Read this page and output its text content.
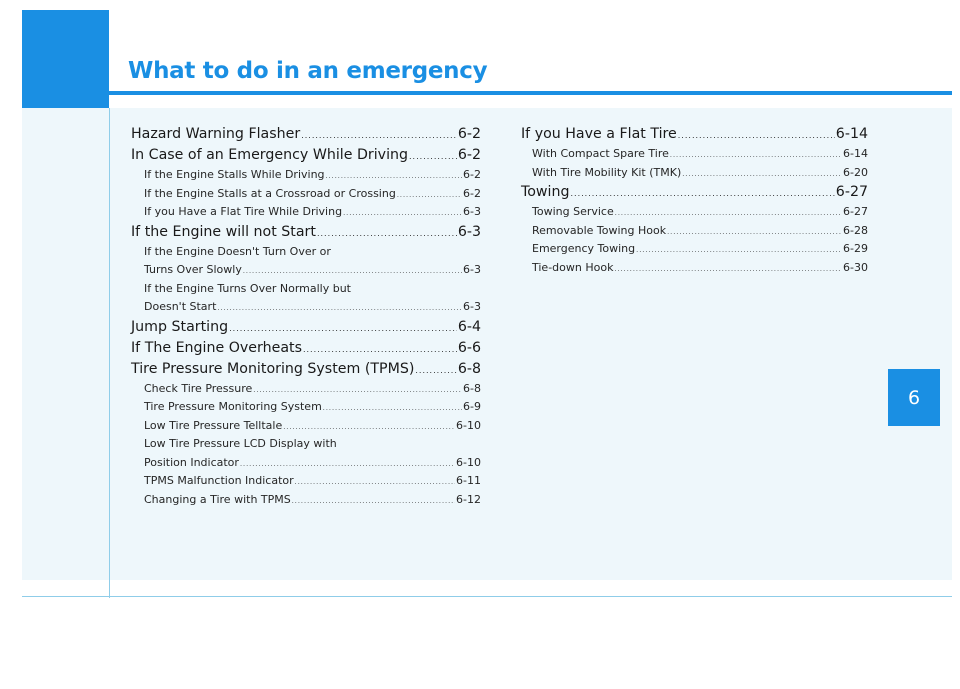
What to do in an emergency
6
Hazard Warning Flasher .....	6-2
In Case of an Emergency While Driving .....	6-2
If the Engine Stalls While Driving .....	6-2
If the Engine Stalls at a Crossroad or Crossing .....	6-2
If you Have a Flat Tire While Driving .....	6-3
If the Engine will not Start .....	6-3
If the Engine Doesn't Turn Over or
Turns Over Slowly .....	6-3
If the Engine Turns Over Normally but
Doesn't Start .....	6-3
Jump Starting .....	6-4
If The Engine Overheats .....	6-6
Tire Pressure Monitoring System (TPMS) .....	6-8
Check Tire Pressure .....	6-8
Tire Pressure Monitoring System .....	6-9
Low Tire Pressure Telltale .....	6-10
Low Tire Pressure LCD Display with
Position Indicator .....	6-10
TPMS Malfunction Indicator .....	6-11
Changing a Tire with TPMS .....	6-12
If you Have a Flat Tire .....	6-14
With Compact Spare Tire .....	6-14
With Tire Mobility Kit (TMK) .....	6-20
Towing .....	6-27
Towing Service .....	6-27
Removable Towing Hook .....	6-28
Emergency Towing .....	6-29
Tie-down Hook .....	6-30
